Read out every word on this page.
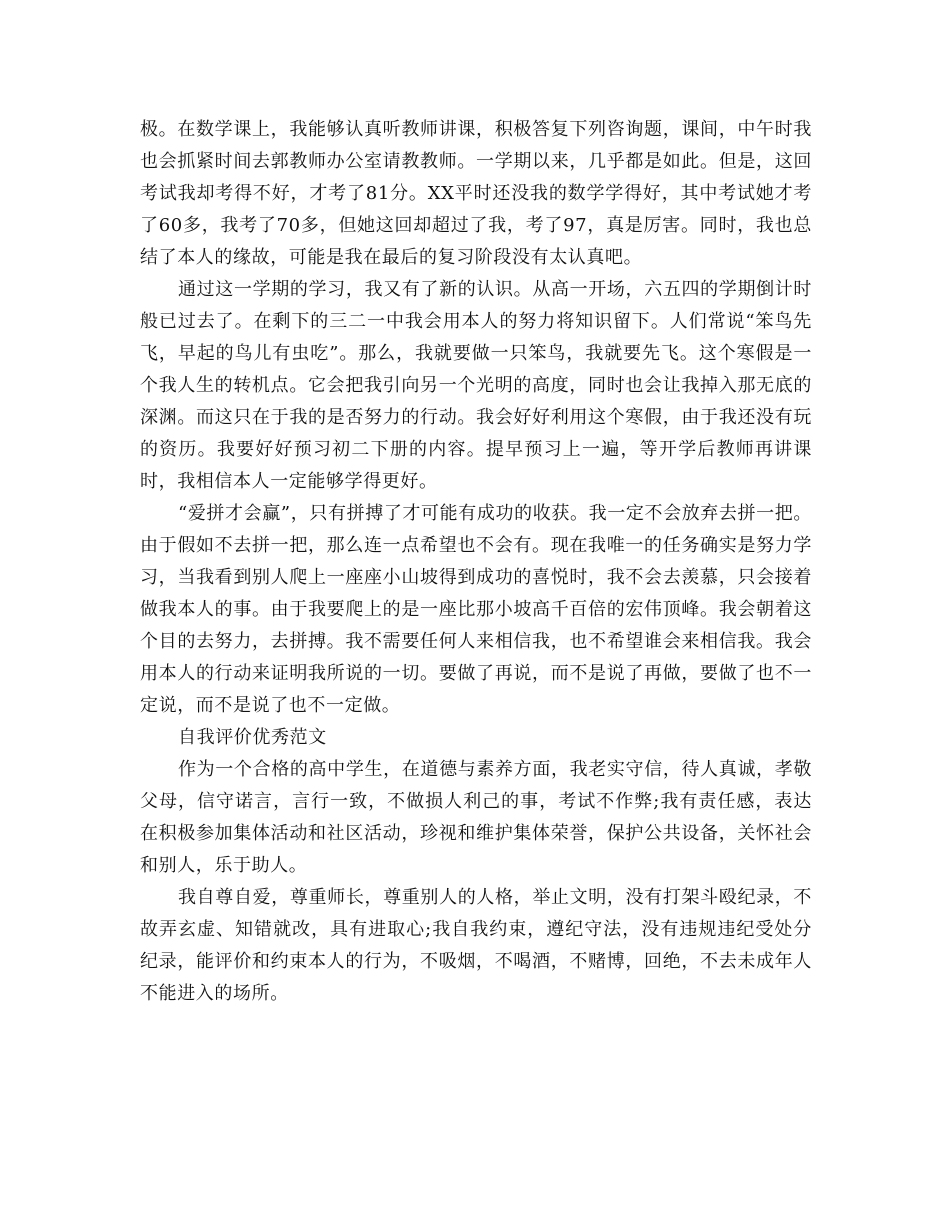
极。在数学课上，我能够认真听教师讲课，积极答复下列咨询题，课间，中午时我也会抓紧时间去郭教师办公室请教教师。一学期以来，几乎都是如此。但是，这回考试我却考得不好，才考了81分。XX平时还没我的数学学得好，其中考试她才考了60多，我考了70多，但她这回却超过了我，考了97，真是厉害。同时，我也总结了本人的缘故，可能是我在最后的复习阶段没有太认真吧。

通过这一学期的学习，我又有了新的认识。从高一开场，六五四的学期倒计时般已过去了。在剩下的三二一中我会用本人的努力将知识留下。人们常说“笨鸟先飞，早起的鸟儿有虫吃”。那么，我就要做一只笨鸟，我就要先飞。这个寒假是一个我人生的转机点。它会把我引向另一个光明的高度，同时也会让我掉入那无底的深渊。而这只在于我的是否努力的行动。我会好好利用这个寒假，由于我还没有玩的资历。我要好好预习初二下册的内容。提早预习上一遍，等开学后教师再讲课时，我相信本人一定能够学得更好。

“爱拼才会赢”，只有拼搏了才可能有成功的收获。我一定不会放弃去拼一把。由于假如不去拼一把，那么连一点希望也不会有。现在我唯一的任务确实是努力学习，当我看到别人爬上一座座小山坡得到成功的喜悦时，我不会去羡慕，只会接着做我本人的事。由于我要爬上的是一座比那小坡高千百倍的宏伟顶峰。我会朝着这个目的去努力，去拼搏。我不需要任何人来相信我，也不希望谁会来相信我。我会用本人的行动来证明我所说的一切。要做了再说，而不是说了再做，要做了也不一定说，而不是说了也不一定做。

自我评价优秀范文

作为一个合格的高中学生，在道德与素养方面，我老实守信，待人真诚，孝敬父母，信守诺言，言行一致，不做损人利己的事，考试不作弊;我有责任感，表达在积极参加集体活动和社区活动，珍视和维护集体荣誉，保护公共设备，关怀社会和别人，乐于助人。

我自尊自爱，尊重师长，尊重别人的人格，举止文明，没有打架斗殴纪录，不故弄玄虚、知错就改，具有进取心;我自我约束，遵纪守法，没有违规违纪受处分纪录，能评价和约束本人的行为，不吸烟，不喝酒，不赌博，回绝，不去未成年人不能进入的场所。
